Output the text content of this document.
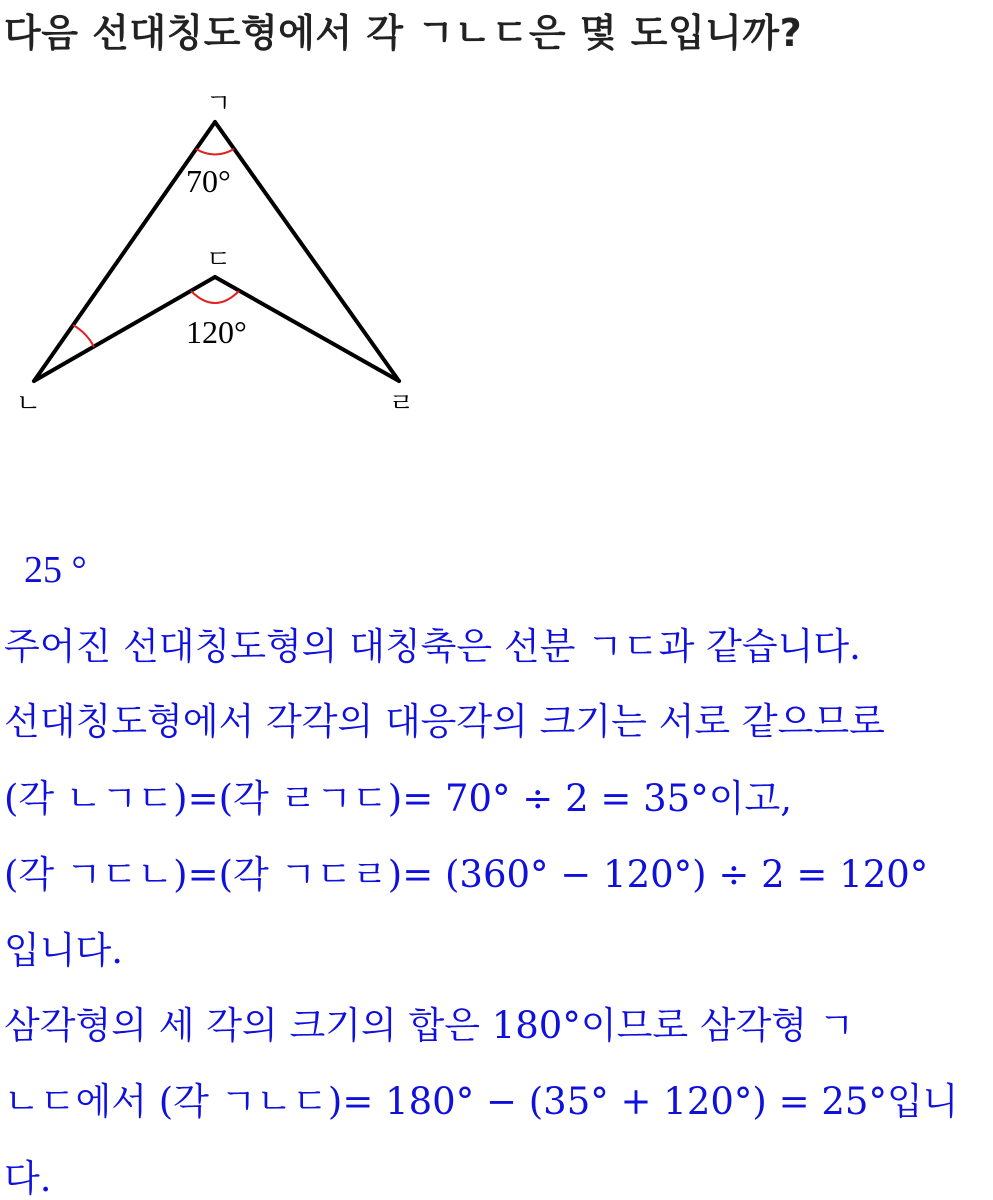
다음 선대칭도형에서 각 ㄱㄴㄷ은 몇 도입니까?
ㄱ
ㄷ
ㄴ	ㄹ
70°
120°
25 °
주어진 선대칭도형의 대칭축은 선분 ㄱㄷ과 같습니다.
선대칭도형에서 각각의 대응각의 크기는 서로 같으므로
(각 ㄴㄱㄷ)=(각 ㄹㄱㄷ)= 70° ÷ 2 = 35°이고,
(각 ㄱㄷㄴ)=(각 ㄱㄷㄹ)= (360° − 120°) ÷ 2 = 120°
입니다.
삼각형의 세 각의 크기의 합은 180°이므로 삼각형 ㄱ
ㄴㄷ에서 (각 ㄱㄴㄷ)= 180° − (35° + 120°) = 25°입니
다.
